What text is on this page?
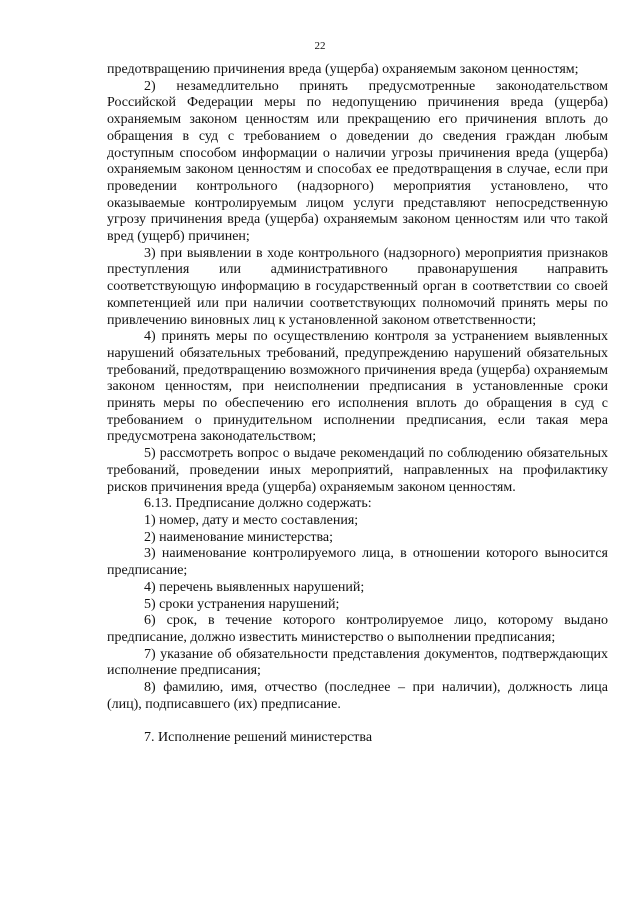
22

предотвращению причинения вреда (ущерба) охраняемым законом ценностям;

2) незамедлительно принять предусмотренные законодательством Российской Федерации меры по недопущению причинения вреда (ущерба) охраняемым законом ценностям или прекращению его причинения вплоть до обращения в суд с требованием о доведении до сведения граждан любым доступным способом информации о наличии угрозы причинения вреда (ущерба) охраняемым законом ценностям и способах ее предотвращения в случае, если при проведении контрольного (надзорного) мероприятия установлено, что оказываемые контролируемым лицом услуги представляют непосредственную угрозу причинения вреда (ущерба) охраняемым законом ценностям или что такой вред (ущерб) причинен;

3) при выявлении в ходе контрольного (надзорного) мероприятия признаков преступления или административного правонарушения направить соответствующую информацию в государственный орган в соответствии со своей компетенцией или при наличии соответствующих полномочий принять меры по привлечению виновных лиц к установленной законом ответственности;

4) принять меры по осуществлению контроля за устранением выявленных нарушений обязательных требований, предупреждению нарушений обязательных требований, предотвращению возможного причинения вреда (ущерба) охраняемым законом ценностям, при неисполнении предписания в установленные сроки принять меры по обеспечению его исполнения вплоть до обращения в суд с требованием о принудительном исполнении предписания, если такая мера предусмотрена законодательством;

5) рассмотреть вопрос о выдаче рекомендаций по соблюдению обязательных требований, проведении иных мероприятий, направленных на профилактику рисков причинения вреда (ущерба) охраняемым законом ценностям.

6.13. Предписание должно содержать:

1) номер, дату и место составления;

2) наименование министерства;

3) наименование контролируемого лица, в отношении которого выносится предписание;

4) перечень выявленных нарушений;

5) сроки устранения нарушений;

6) срок, в течение которого контролируемое лицо, которому выдано предписание, должно известить министерство о выполнении предписания;

7) указание об обязательности представления документов, подтверждающих исполнение предписания;

8) фамилию, имя, отчество (последнее – при наличии), должность лица (лиц), подписавшего (их) предписание.

7. Исполнение решений министерства
